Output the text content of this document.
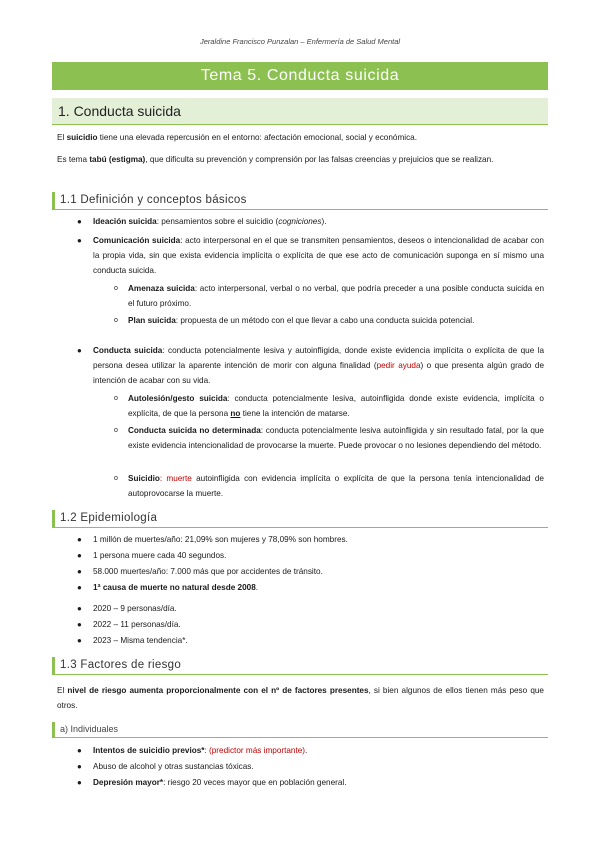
Jeraldine Francisco Punzalan – Enfermería de Salud Mental
Tema 5. Conducta suicida
1. Conducta suicida
El suicidio tiene una elevada repercusión en el entorno: afectación emocional, social y económica.
Es tema tabú (estigma), que dificulta su prevención y comprensión por las falsas creencias y prejuicios que se realizan.
1.1 Definición y conceptos básicos
● Ideación suicida: pensamientos sobre el suicidio (cogniciones).
● Comunicación suicida: acto interpersonal en el que se transmiten pensamientos, deseos o intencionalidad de acabar con la propia vida, sin que exista evidencia implícita o explícita de que ese acto de comunicación suponga en sí mismo una conducta suicida.
o Amenaza suicida: acto interpersonal, verbal o no verbal, que podría preceder a una posible conducta suicida en el futuro próximo.
o Plan suicida: propuesta de un método con el que llevar a cabo una conducta suicida potencial.
● Conducta suicida: conducta potencialmente lesiva y autoinfligida, donde existe evidencia implícita o explícita de que la persona desea utilizar la aparente intención de morir con alguna finalidad (pedir ayuda) o que presenta algún grado de intención de acabar con su vida.
o Autolesión/gesto suicida: conducta potencialmente lesiva, autoinfligida donde existe evidencia, implícita o explícita, de que la persona no tiene la intención de matarse.
o Conducta suicida no determinada: conducta potencialmente lesiva autoinfligida y sin resultado fatal, por la que existe evidencia intencionalidad de provocarse la muerte. Puede provocar o no lesiones dependiendo del método.
o Suicidio: muerte autoinfligida con evidencia implícita o explícita de que la persona tenía intencionalidad de autoprovocarse la muerte.
1.2 Epidemiología
● 1 millón de muertes/año: 21,09% son mujeres y 78,09% son hombres.
● 1 persona muere cada 40 segundos.
● 58.000 muertes/año: 7.000 más que por accidentes de tránsito.
● 1ª causa de muerte no natural desde 2008.
● 2020 – 9 personas/día.
● 2022 – 11 personas/día.
● 2023 – Misma tendencia*.
1.3 Factores de riesgo
El nivel de riesgo aumenta proporcionalmente con el nº de factores presentes, si bien algunos de ellos tienen más peso que otros.
a) Individuales
● Intentos de suicidio previos*: (predictor más importante).
● Abuso de alcohol y otras sustancias tóxicas.
● Depresión mayor*: riesgo 20 veces mayor que en población general.
